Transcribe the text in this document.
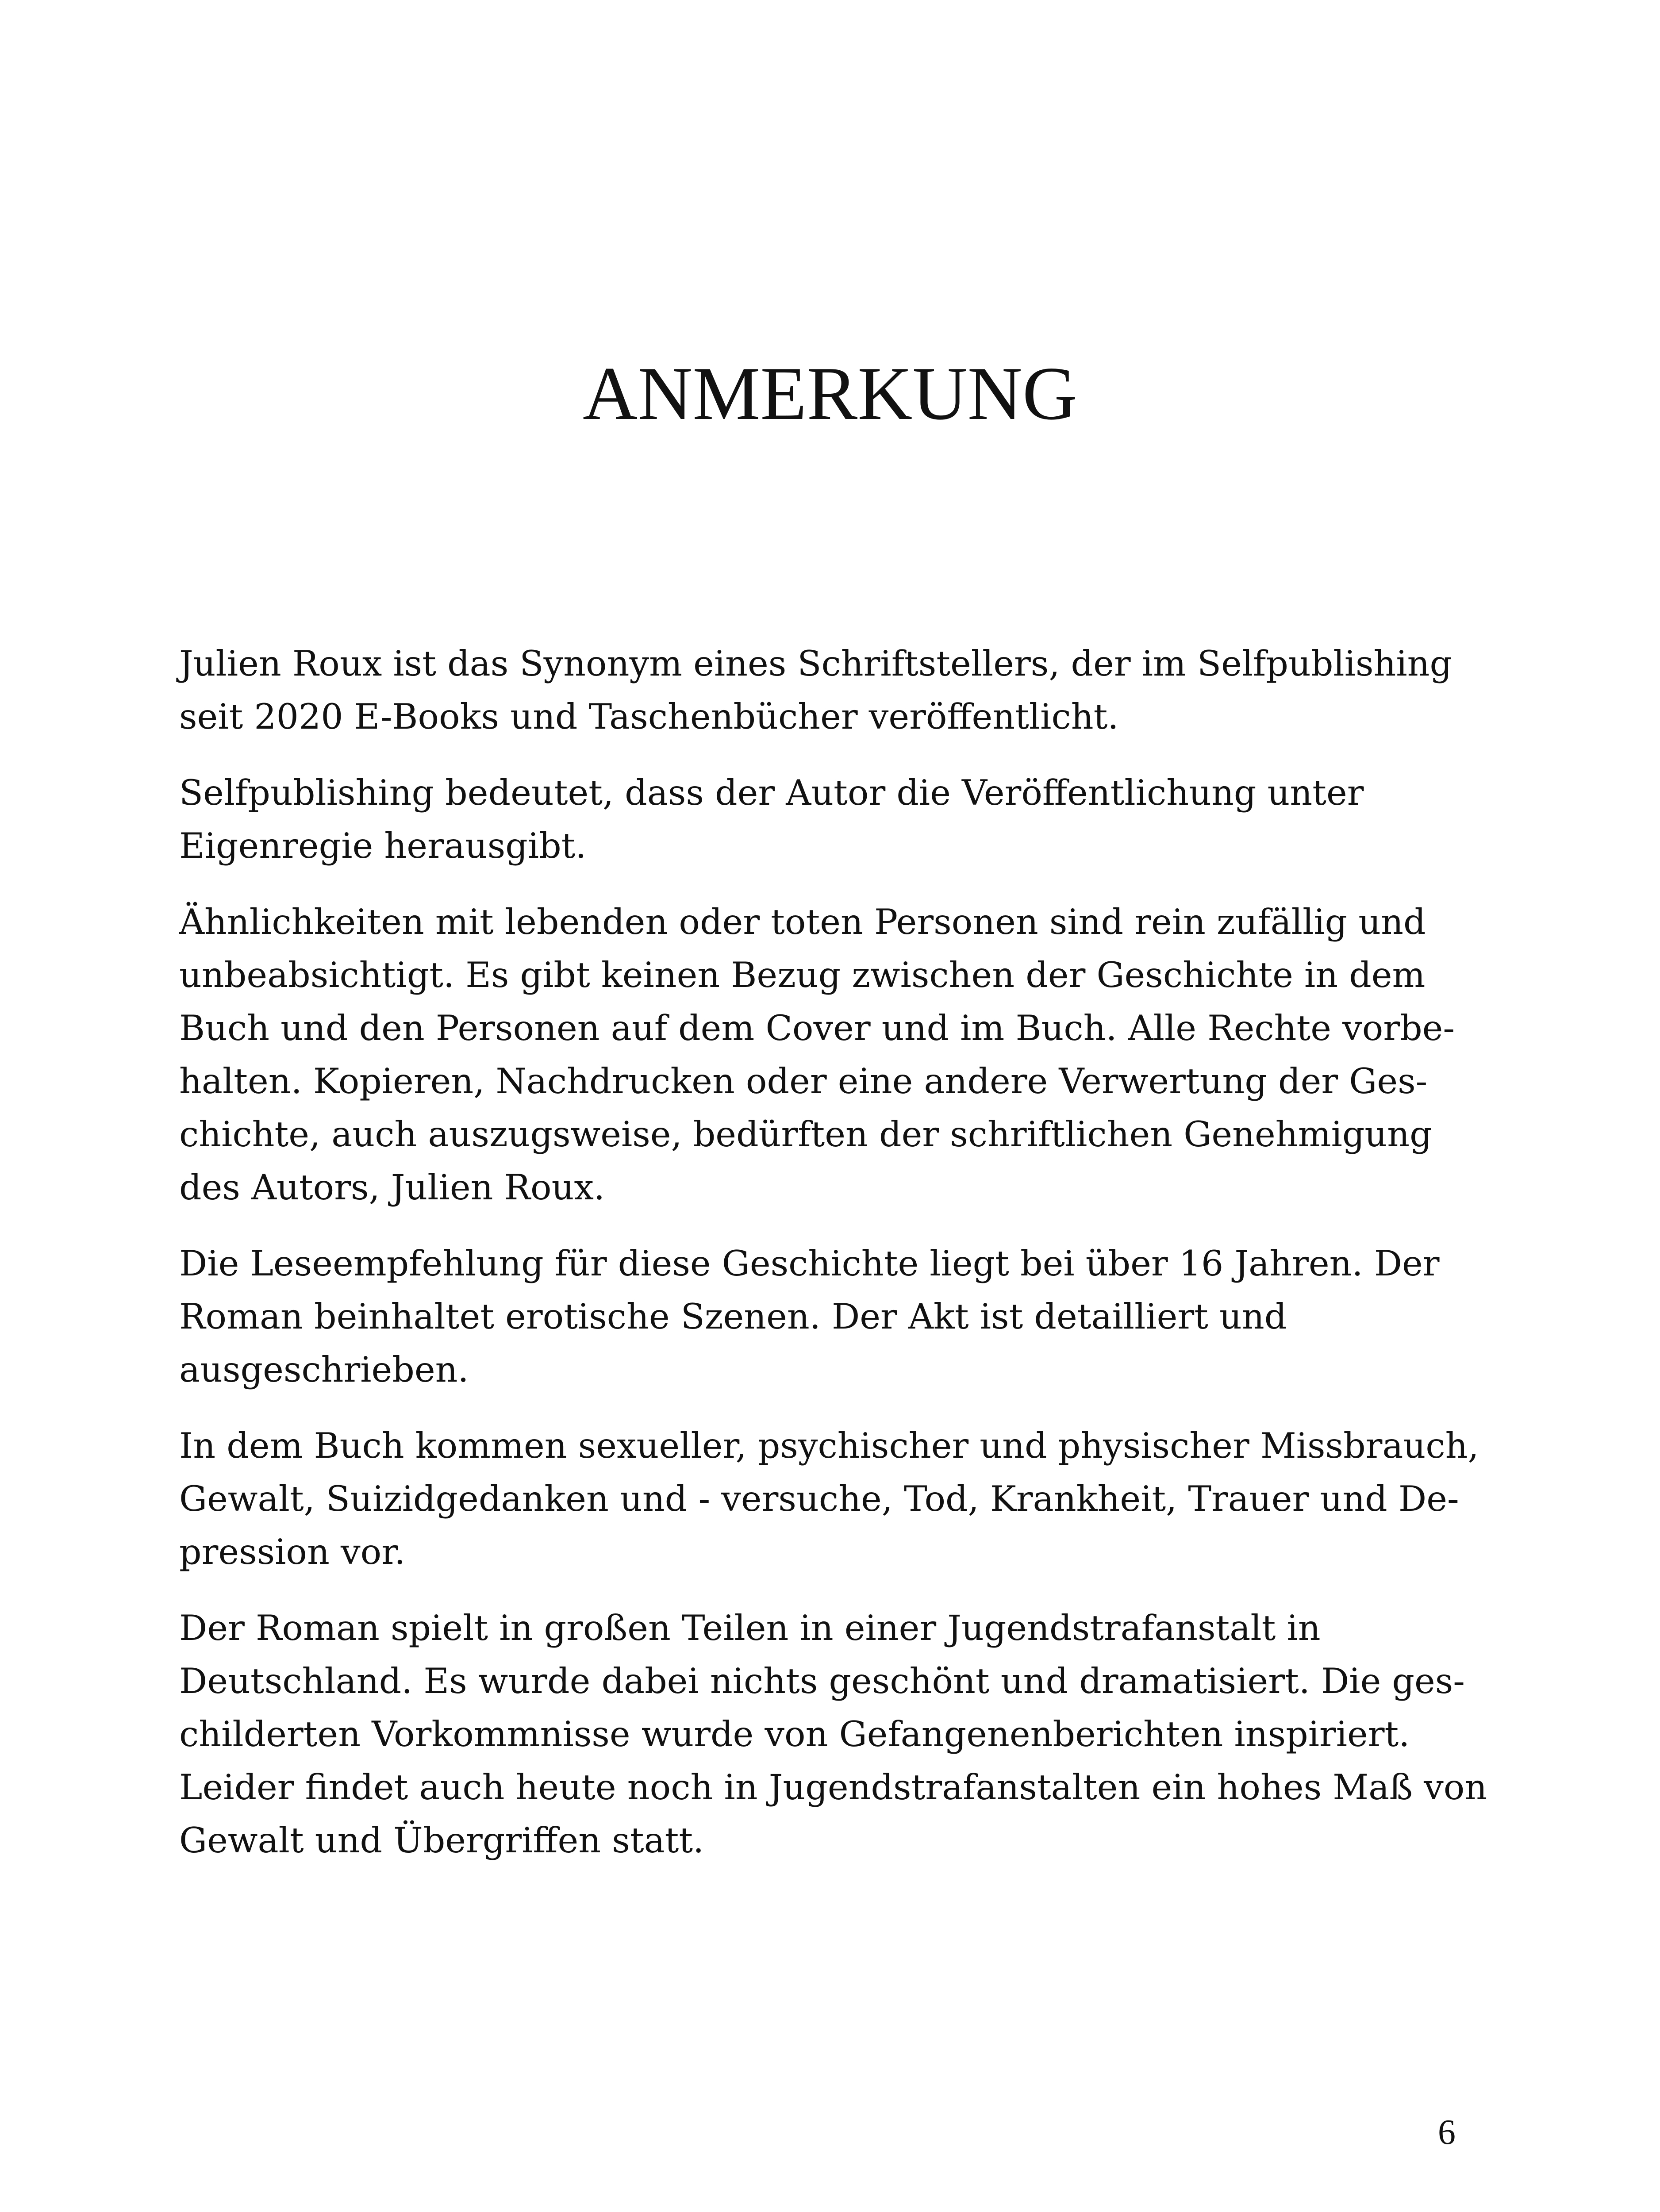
ANMERKUNG

Julien Roux ist das Synonym eines Schriftstellers, der im Selfpublishing
seit 2020 E-Books und Taschenbücher veröffentlicht.

Selfpublishing bedeutet, dass der Autor die Veröffentlichung unter
Eigenregie herausgibt.

Ähnlichkeiten mit lebenden oder toten Personen sind rein zufällig und
unbeabsichtigt. Es gibt keinen Bezug zwischen der Geschichte in dem
Buch und den Personen auf dem Cover und im Buch. Alle Rechte vorbe-
halten. Kopieren, Nachdrucken oder eine andere Verwertung der Ges-
chichte, auch auszugsweise, bedürften der schriftlichen Genehmigung
des Autors, Julien Roux.

Die Leseempfehlung für diese Geschichte liegt bei über 16 Jahren. Der
Roman beinhaltet erotische Szenen. Der Akt ist detailliert und
ausgeschrieben.

In dem Buch kommen sexueller, psychischer und physischer Missbrauch,
Gewalt, Suizidgedanken und - versuche, Tod, Krankheit, Trauer und De-
pression vor.

Der Roman spielt in großen Teilen in einer Jugendstrafanstalt in
Deutschland. Es wurde dabei nichts geschönt und dramatisiert. Die ges-
childerten Vorkommnisse wurde von Gefangenenberichten inspiriert.
Leider findet auch heute noch in Jugendstrafanstalten ein hohes Maß von
Gewalt und Übergriffen statt.

6
